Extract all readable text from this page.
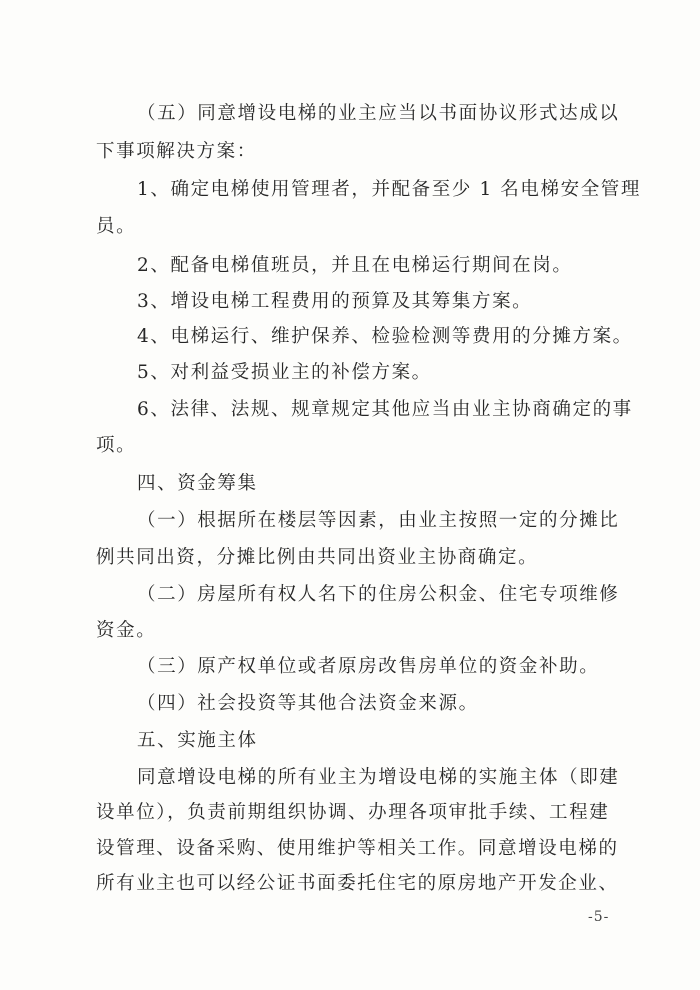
（五）同意增设电梯的业主应当以书面协议形式达成以
下事项解决方案：
1、确定电梯使用管理者，并配备至少 1 名电梯安全管理
员。
2、配备电梯值班员，并且在电梯运行期间在岗。
3、增设电梯工程费用的预算及其筹集方案。
4、电梯运行、维护保养、检验检测等费用的分摊方案。
5、对利益受损业主的补偿方案。
6、法律、法规、规章规定其他应当由业主协商确定的事
项。
四、资金筹集
（一）根据所在楼层等因素，由业主按照一定的分摊比
例共同出资，分摊比例由共同出资业主协商确定。
（二）房屋所有权人名下的住房公积金、住宅专项维修
资金。
（三）原产权单位或者原房改售房单位的资金补助。
（四）社会投资等其他合法资金来源。
五、实施主体
同意增设电梯的所有业主为增设电梯的实施主体（即建
设单位），负责前期组织协调、办理各项审批手续、工程建
设管理、设备采购、使用维护等相关工作。同意增设电梯的
所有业主也可以经公证书面委托住宅的原房地产开发企业、
-5-
